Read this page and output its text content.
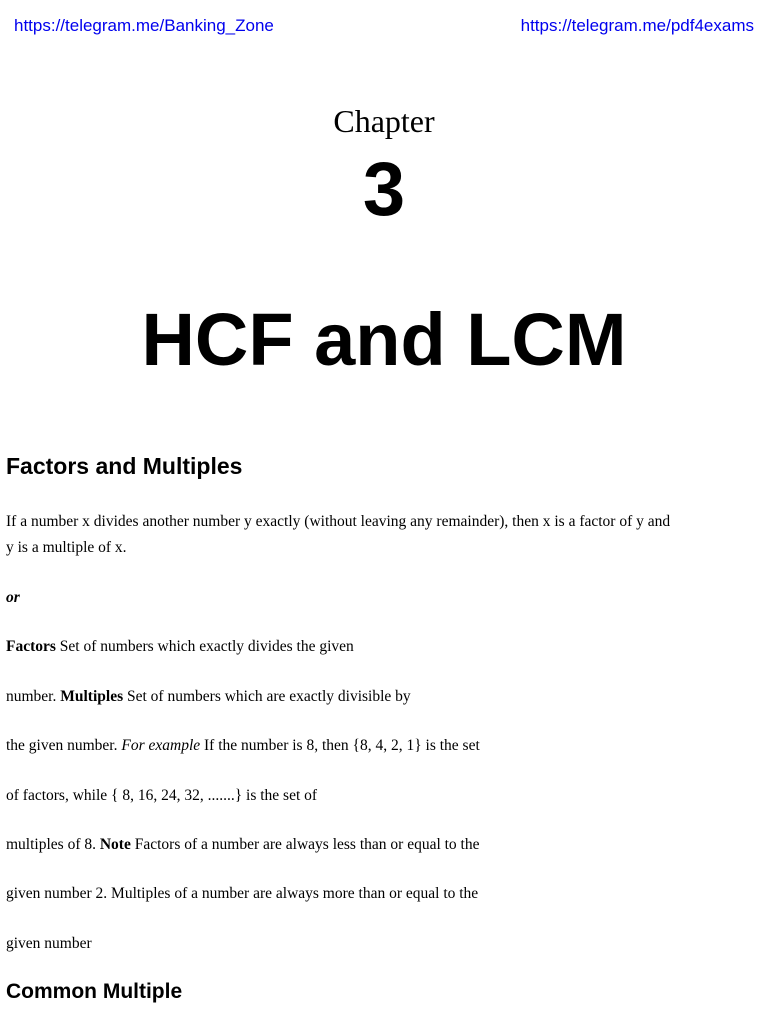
https://telegram.me/Banking_Zone	https://telegram.me/pdf4exams
Chapter
3
HCF and LCM
Factors and Multiples
If a number x divides another number y exactly (without leaving any remainder), then x is a factor of y and
y is a multiple of x.
or
Factors Set of numbers which exactly divides the given
number. Multiples Set of numbers which are exactly divisible by
the given number. For example If the number is 8, then {8, 4, 2, 1} is the set
of factors, while { 8, 16, 24, 32, .......} is the set of
multiples of 8. Note Factors of a number are always less than or equal to the
given number 2. Multiples of a number are always more than or equal to the
given number
Common Multiple
